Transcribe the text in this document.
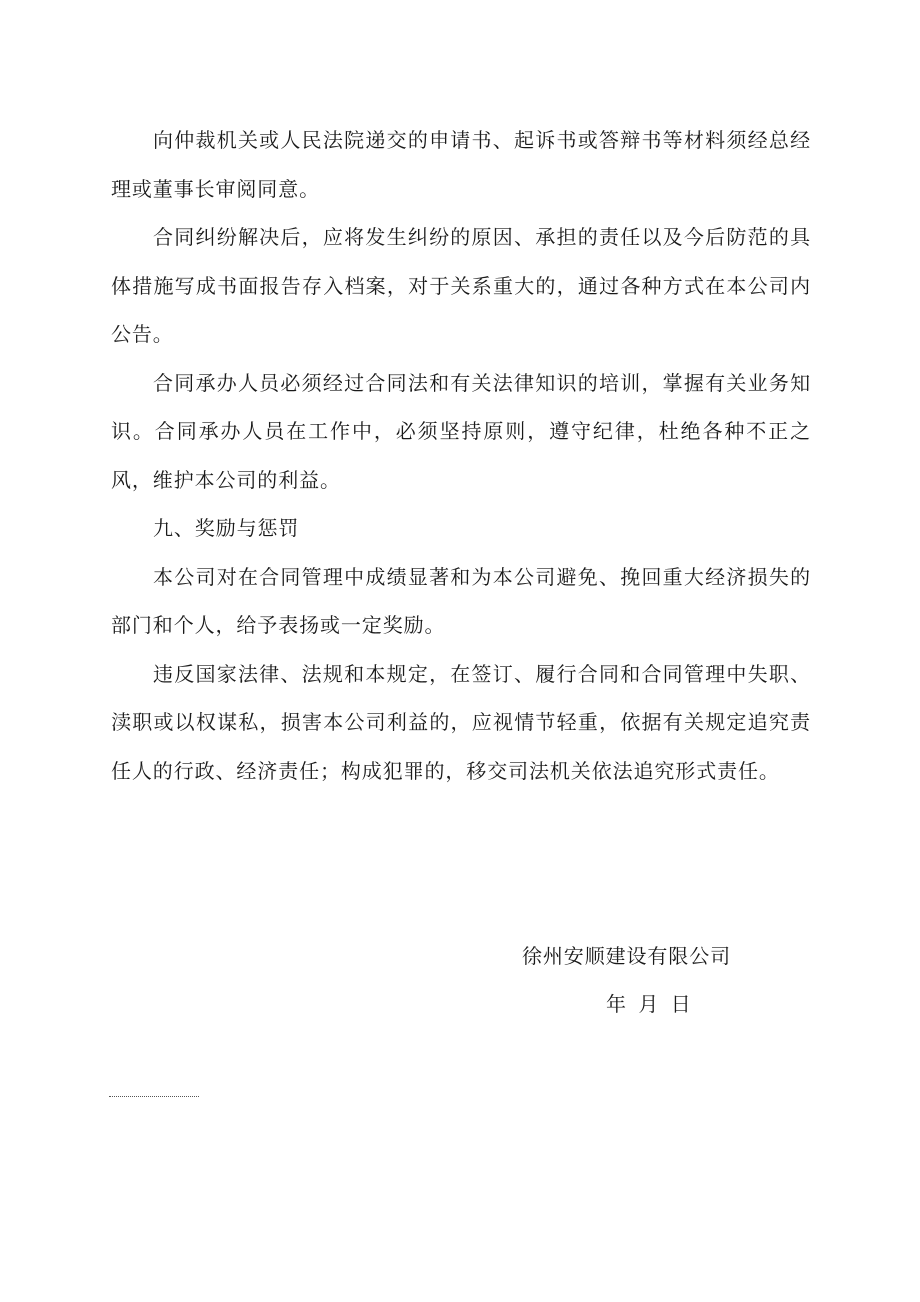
向仲裁机关或人民法院递交的申请书、起诉书或答辩书等材料须经总经理或董事长审阅同意。

合同纠纷解决后，应将发生纠纷的原因、承担的责任以及今后防范的具体措施写成书面报告存入档案，对于关系重大的，通过各种方式在本公司内公告。

合同承办人员必须经过合同法和有关法律知识的培训，掌握有关业务知识。合同承办人员在工作中，必须坚持原则，遵守纪律，杜绝各种不正之风，维护本公司的利益。

九、奖励与惩罚

本公司对在合同管理中成绩显著和为本公司避免、挽回重大经济损失的部门和个人，给予表扬或一定奖励。

违反国家法律、法规和本规定，在签订、履行合同和合同管理中失职、渎职或以权谋私，损害本公司利益的，应视情节轻重，依据有关规定追究责任人的行政、经济责任；构成犯罪的，移交司法机关依法追究形式责任。

徐州安顺建设有限公司
年 月 日
